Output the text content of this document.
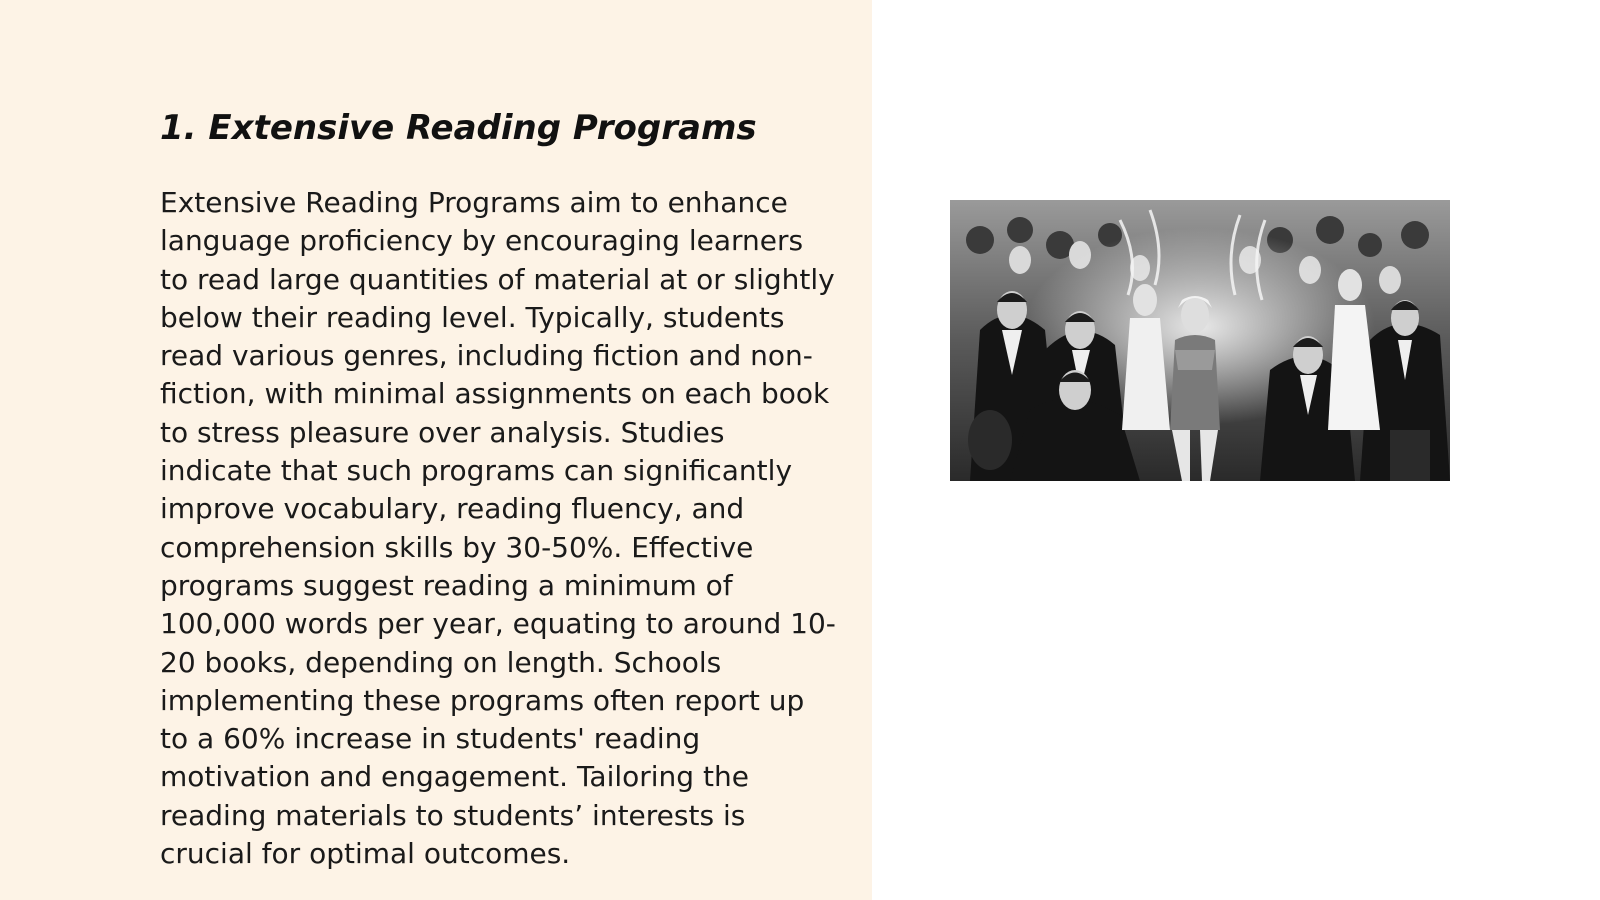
1. Extensive Reading Programs

Extensive Reading Programs aim to enhance language proficiency by encouraging learners to read large quantities of material at or slightly below their reading level. Typically, students read various genres, including fiction and non-fiction, with minimal assignments on each book to stress pleasure over analysis. Studies indicate that such programs can significantly improve vocabulary, reading fluency, and comprehension skills by 30-50%. Effective programs suggest reading a minimum of 100,000 words per year, equating to around 10-20 books, depending on length. Schools implementing these programs often report up to a 60% increase in students' reading motivation and engagement. Tailoring the reading materials to students’ interests is crucial for optimal outcomes.
